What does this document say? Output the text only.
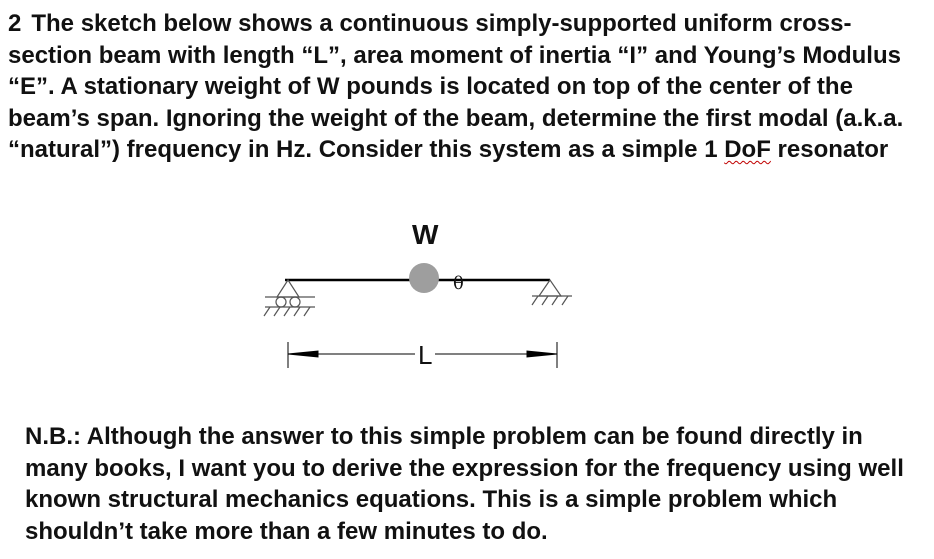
2 The sketch below shows a continuous simply-supported uniform cross-section beam with length “L”, area moment of inertia “I” and Young’s Modulus “E”. A stationary weight of W pounds is located on top of the center of the beam’s span. Ignoring the weight of the beam, determine the first modal (a.k.a. “natural”) frequency in Hz. Consider this system as a simple 1 DoF resonator
W
θ
L
N.B.: Although the answer to this simple problem can be found directly in many books, I want you to derive the expression for the frequency using well known structural mechanics equations. This is a simple problem which shouldn’t take more than a few minutes to do.
